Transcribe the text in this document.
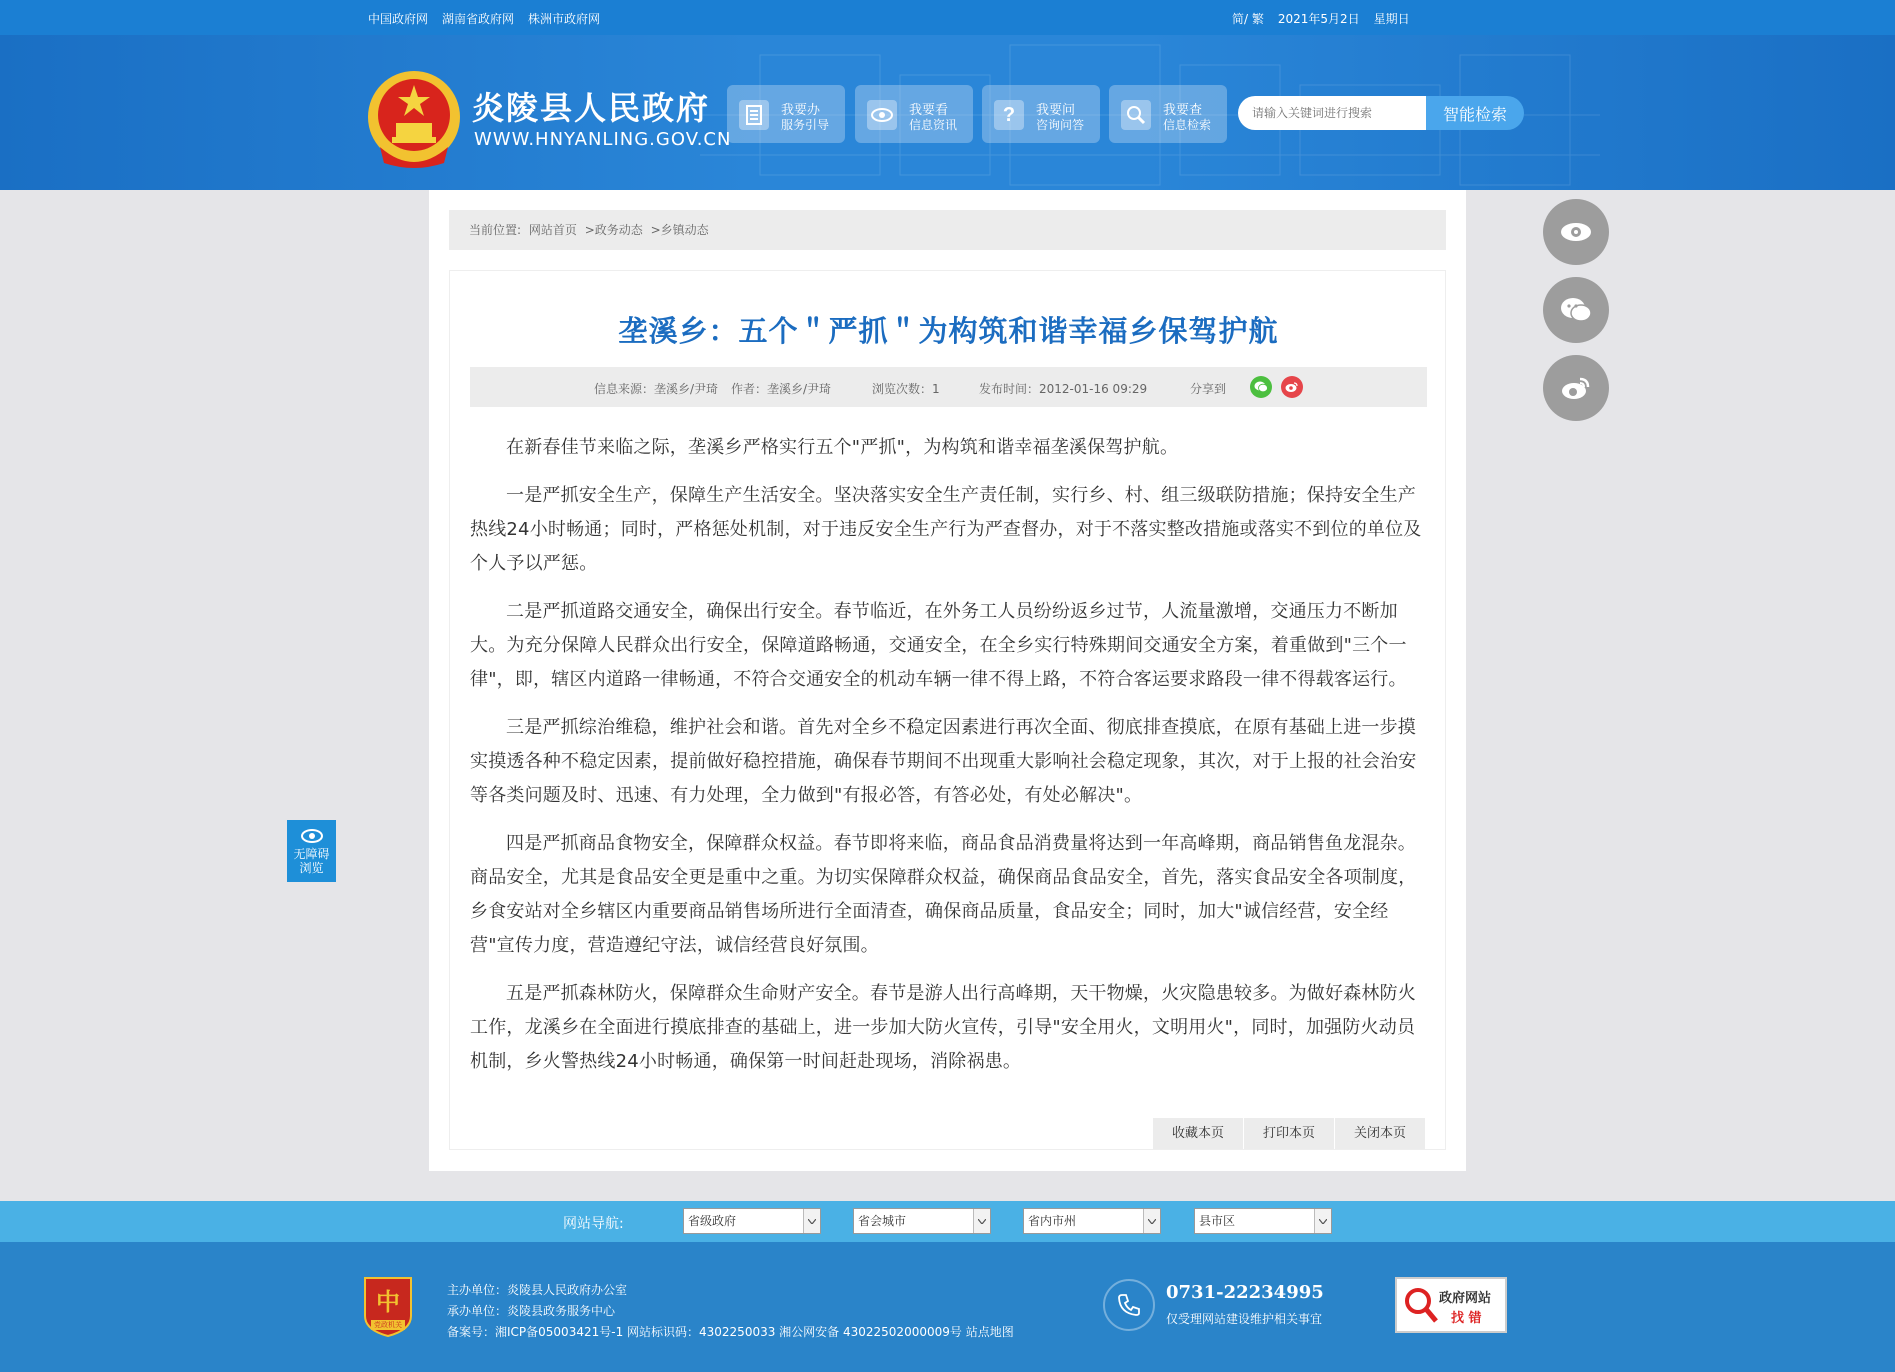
中国政府网 湖南省政府网 株洲市政府网	简/ 繁 2021年5月2日 星期日
炎陵县人民政府
WWW.HNYANLING.GOV.CN
我要办
服务引导
我要看
信息资讯 ? 我要问
咨询问答
我要查
信息检索
请输入关键词进行搜索
智能检索
当前位置: 网站首页 >政务动态 >乡镇动态
垄溪乡：五个＂严抓＂为构筑和谐幸福乡保驾护航
信息来源：垄溪乡/尹琦 作者：垄溪乡/尹琦	浏览次数：1	发布时间：2012-01-16 09:29	分享到

在新春佳节来临之际，垄溪乡严格实行五个"严抓"，为构筑和谐幸福垄溪保驾护航。

一是严抓安全生产，保障生产生活安全。坚决落实安全生产责任制，实行乡、村、组三级联防措施；保持安全生产热线24小时畅通；同时，严格惩处机制，对于违反安全生产行为严查督办，对于不落实整改措施或落实不到位的单位及个人予以严惩。

二是严抓道路交通安全，确保出行安全。春节临近，在外务工人员纷纷返乡过节，人流量激增，交通压力不断加大。为充分保障人民群众出行安全，保障道路畅通，交通安全，在全乡实行特殊期间交通安全方案，着重做到"三个一律"，即，辖区内道路一律畅通，不符合交通安全的机动车辆一律不得上路，不符合客运要求路段一律不得载客运行。

三是严抓综治维稳，维护社会和谐。首先对全乡不稳定因素进行再次全面、彻底排查摸底，在原有基础上进一步摸实摸透各种不稳定因素，提前做好稳控措施，确保春节期间不出现重大影响社会稳定现象，其次，对于上报的社会治安等各类问题及时、迅速、有力处理，全力做到"有报必答，有答必处，有处必解决"。

四是严抓商品食物安全，保障群众权益。春节即将来临，商品食品消费量将达到一年高峰期，商品销售鱼龙混杂。商品安全，尤其是食品安全更是重中之重。为切实保障群众权益，确保商品食品安全，首先，落实食品安全各项制度，乡食安站对全乡辖区内重要商品销售场所进行全面清查，确保商品质量，食品安全；同时，加大"诚信经营，安全经营"宣传力度，营造遵纪守法，诚信经营良好氛围。

五是严抓森林防火，保障群众生命财产安全。春节是游人出行高峰期，天干物燥，火灾隐患较多。为做好森林防火工作，龙溪乡在全面进行摸底排查的基础上，进一步加大防火宣传，引导"安全用火，文明用火"，同时，加强防火动员机制，乡火警热线24小时畅通，确保第一时间赶赴现场，消除祸患。

收藏本页	打印本页	关闭本页
无障碍
浏览
网站导航:	省级政府	省会城市	省内市州	县市区
中
党政机关
主办单位：炎陵县人民政府办公室
承办单位：炎陵县政务服务中心
备案号：湘ICP备05003421号-1 网站标识码：4302250033 湘公网安备 43022502000009号 站点地图
0731-22234995
仅受理网站建设维护相关事宜
政府网站
找 错
